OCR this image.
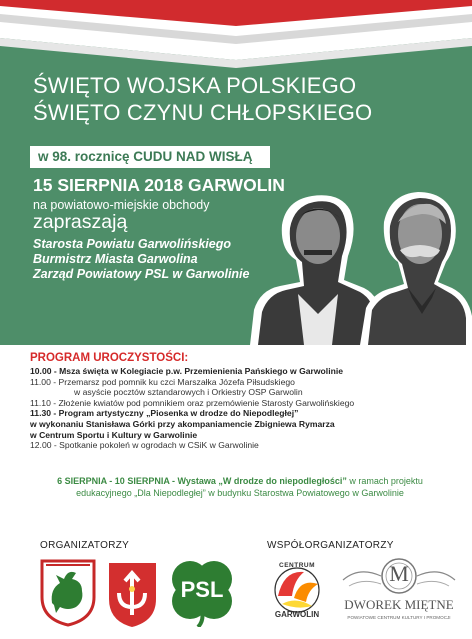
ŚWIĘTO WOJSKA POLSKIEGO
ŚWIĘTO CZYNU CHŁOPSKIEGO
w 98. rocznicę CUDU NAD WISŁĄ
15 SIERPNIA 2018 GARWOLIN
na powiatowo-miejskie obchody
zapraszają
Starosta Powiatu Garwolińskiego
Burmistrz Miasta Garwolina
Zarząd Powiatowy PSL w Garwolinie
PROGRAM UROCZYSTOŚCI:
10.00 - Msza święta w Kolegiacie p.w. Przemienienia Pańskiego w Garwolinie
11.00 - Przemarsz pod pomnik ku czci Marszałka Józefa Piłsudskiego
w asyście pocztów sztandarowych i Orkiestry OSP Garwolin
11.10 - Złożenie kwiatów pod pomnikiem oraz przemówienie Starosty Garwolińskiego
11.30 - Program artystyczny „Piosenka w drodze do Niepodległej”
w wykonaniu Stanisława Górki przy akompaniamencie Zbigniewa Rymarza
w Centrum Sportu i Kultury w Garwolinie
12.00 - Spotkanie pokoleń w ogrodach w CSiK w Garwolinie
6 SIERPNIA - 10 SIERPNIA - Wystawa „W drodze do niepodległości” w ramach projektu
edukacyjnego „Dla Niepodległej” w budynku Starostwa Powiatowego w Garwolinie
ORGANIZATORZY	WSPÓŁORGANIZATORZY
PSL
CENTRUM
GARWOLIN
M
DWOREK MIĘTNE
POWIATOWE CENTRUM KULTURY I PROMOCJI
